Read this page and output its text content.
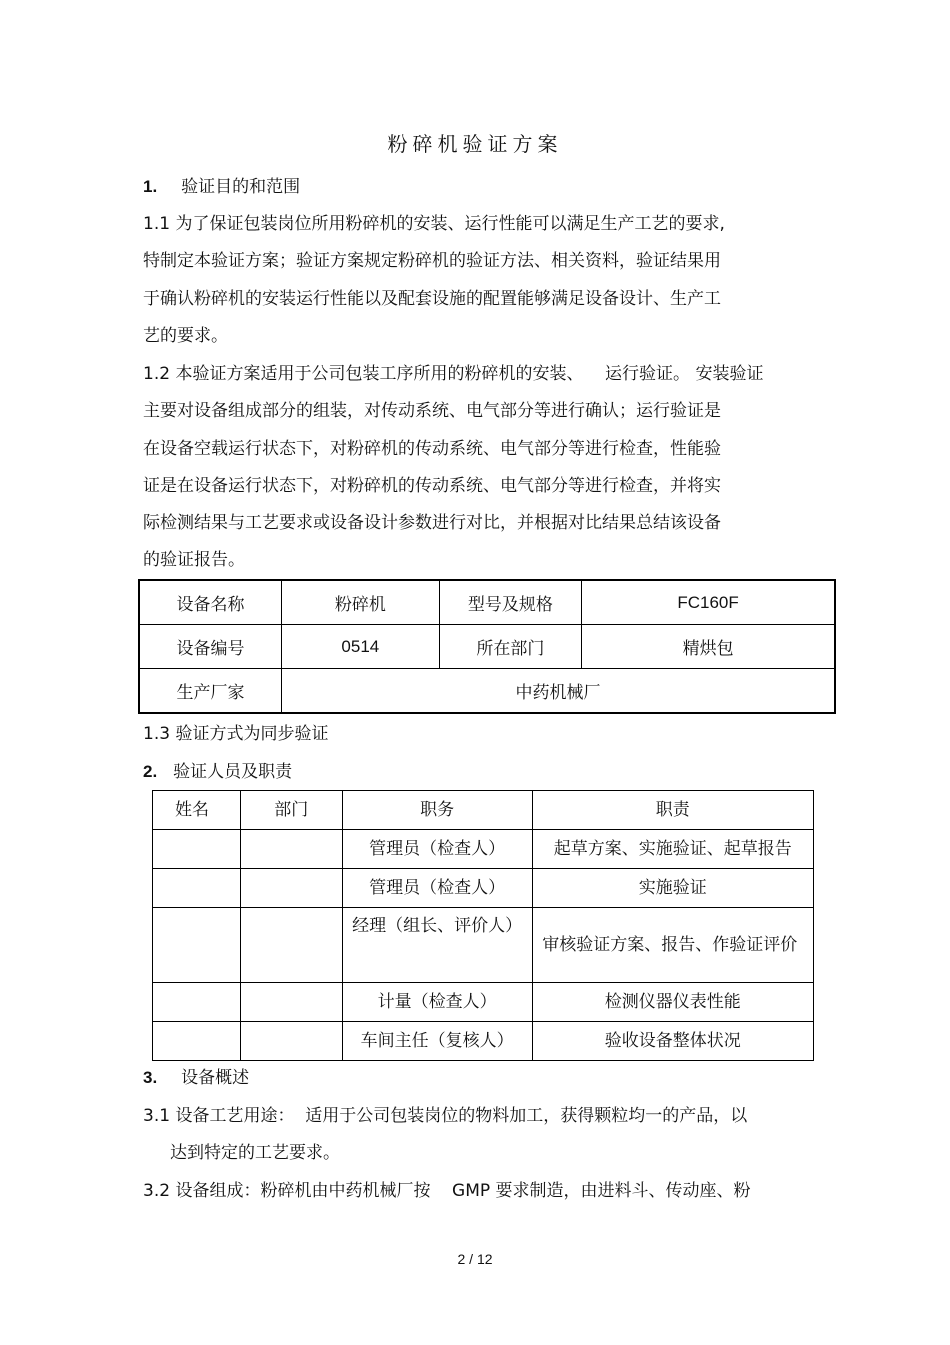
粉碎机验证方案
1. 验证目的和范围
1.1 为了保证包装岗位所用粉碎机的安装、运行性能可以满足生产工艺的要求,
特制定本验证方案；验证方案规定粉碎机的验证方法、相关资料，验证结果用
于确认粉碎机的安装运行性能以及配套设施的配置能够满足设备设计、生产工
艺的要求。
1.2 本验证方案适用于公司包装工序所用的粉碎机的安装、    运行验证。 安装验证
主要对设备组成部分的组装，对传动系统、电气部分等进行确认；运行验证是
在设备空载运行状态下，对粉碎机的传动系统、电气部分等进行检查，性能验
证是在设备运行状态下，对粉碎机的传动系统、电气部分等进行检查，并将实
际检测结果与工艺要求或设备设计参数进行对比，并根据对比结果总结该设备
的验证报告。
设备名称	粉碎机	型号及规格	FC160F
设备编号	0514	所在部门	精烘包
生产厂家	中药机械厂		
1.3 验证方式为同步验证
2. 验证人员及职责
姓名	部门	职务	职责
		管理员（检查人）	起草方案、实施验证、起草报告
		管理员（检查人）	实施验证
		经理（组长、评价人）	审核验证方案、报告、作验证评价
		计量（检查人）	检测仪器仪表性能
		车间主任（复核人）	验收设备整体状况
3. 设备概述
3.1 设备工艺用途：  适用于公司包装岗位的物料加工，获得颗粒均一的产品，以
达到特定的工艺要求。
3.2 设备组成：粉碎机由中药机械厂按    GMP 要求制造，由进料斗、传动座、粉
2 / 12
